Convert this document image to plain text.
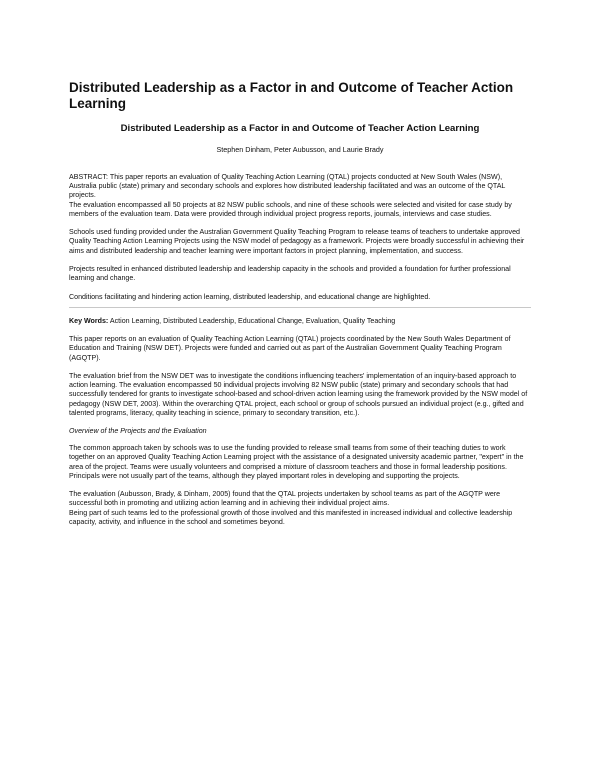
Distributed Leadership as a Factor in and Outcome of Teacher Action Learning
Distributed Leadership as a Factor in and Outcome of Teacher Action Learning
Stephen Dinham, Peter Aubusson, and Laurie Brady

ABSTRACT: This paper reports an evaluation of Quality Teaching Action Learning (QTAL) projects conducted at New South Wales (NSW), Australia public (state) primary and secondary schools and explores how distributed leadership facilitated and was an outcome of the QTAL projects.

The evaluation encompassed all 50 projects at 82 NSW public schools, and nine of these schools were selected and visited for case study by members of the evaluation team. Data were provided through individual project progress reports, journals, interviews and case studies.

Schools used funding provided under the Australian Government Quality Teaching Program to release teams of teachers to undertake approved Quality Teaching Action Learning Projects using the NSW model of pedagogy as a framework. Projects were broadly successful in achieving their aims and distributed leadership and teacher learning were important factors in project planning, implementation, and success.

Projects resulted in enhanced distributed leadership and leadership capacity in the schools and provided a foundation for further professional learning and change.

Conditions facilitating and hindering action learning, distributed leadership, and educational change are highlighted.

Key Words: Action Learning, Distributed Leadership, Educational Change, Evaluation, Quality Teaching

This paper reports on an evaluation of Quality Teaching Action Learning (QTAL) projects coordinated by the New South Wales Department of Education and Training (NSW DET). Projects were funded and carried out as part of the Australian Government Quality Teaching Program (AGQTP).

The evaluation brief from the NSW DET was to investigate the conditions influencing teachers' implementation of an inquiry-based approach to action learning. The evaluation encompassed 50 individual projects involving 82 NSW public (state) primary and secondary schools that had successfully tendered for grants to investigate school-based and school-driven action learning using the framework provided by the NSW model of pedagogy (NSW DET, 2003). Within the overarching QTAL project, each school or group of schools pursued an individual project (e.g., gifted and talented programs, literacy, quality teaching in science, primary to secondary transition, etc.).

Overview of the Projects and the Evaluation

The common approach taken by schools was to use the funding provided to release small teams from some of their teaching duties to work together on an approved Quality Teaching Action Learning project with the assistance of a designated university academic partner, "expert" in the area of the project. Teams were usually volunteers and comprised a mixture of classroom teachers and those in formal leadership positions. Principals were not usually part of the teams, although they played important roles in developing and supporting the projects.

The evaluation (Aubusson, Brady, & Dinham, 2005) found that the QTAL projects undertaken by school teams as part of the AGQTP were successful both in promoting and utilizing action learning and in achieving their individual project aims.

Being part of such teams led to the professional growth of those involved and this manifested in increased individual and collective leadership capacity, activity, and influence in the school and sometimes beyond.
